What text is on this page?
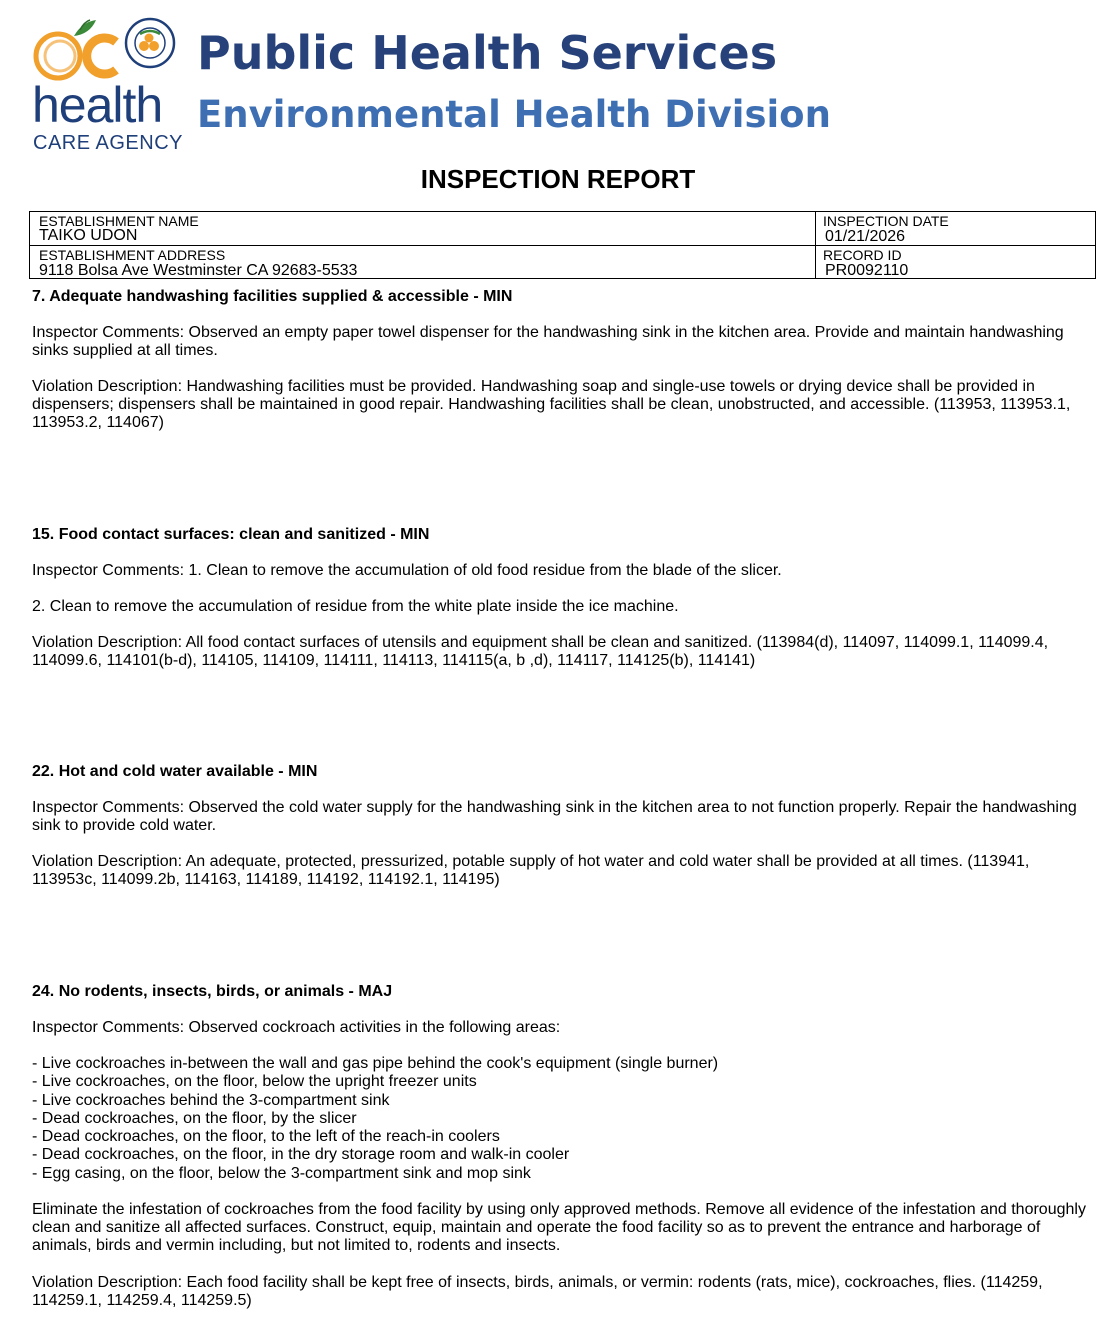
health
CARE AGENCY
Public Health Services
Environmental Health Division
INSPECTION REPORT
ESTABLISHMENT NAME
TAIKO UDON
ESTABLISHMENT ADDRESS
9118 Bolsa Ave Westminster CA 92683-5533
INSPECTION DATE
01/21/2026
RECORD ID
PR0092110

7. Adequate handwashing facilities supplied & accessible - MIN

Inspector Comments: Observed an empty paper towel dispenser for the handwashing sink in the kitchen area. Provide and maintain handwashing sinks supplied at all times.

Violation Description: Handwashing facilities must be provided. Handwashing soap and single-use towels or drying device shall be provided in dispensers; dispensers shall be maintained in good repair. Handwashing facilities shall be clean, unobstructed, and accessible. (113953, 113953.1, 113953.2, 114067)

15. Food contact surfaces: clean and sanitized - MIN

Inspector Comments: 1. Clean to remove the accumulation of old food residue from the blade of the slicer.

2. Clean to remove the accumulation of residue from the white plate inside the ice machine.

Violation Description: All food contact surfaces of utensils and equipment shall be clean and sanitized. (113984(d), 114097, 114099.1, 114099.4, 114099.6, 114101(b-d), 114105, 114109, 114111, 114113, 114115(a, b ,d), 114117, 114125(b), 114141)

22. Hot and cold water available - MIN

Inspector Comments: Observed the cold water supply for the handwashing sink in the kitchen area to not function properly. Repair the handwashing sink to provide cold water.

Violation Description: An adequate, protected, pressurized, potable supply of hot water and cold water shall be provided at all times. (113941, 113953c, 114099.2b, 114163, 114189, 114192, 114192.1, 114195)

24. No rodents, insects, birds, or animals - MAJ

Inspector Comments: Observed cockroach activities in the following areas:

- Live cockroaches in-between the wall and gas pipe behind the cook's equipment (single burner)
- Live cockroaches, on the floor, below the upright freezer units
- Live cockroaches behind the 3-compartment sink
- Dead cockroaches, on the floor, by the slicer
- Dead cockroaches, on the floor, to the left of the reach-in coolers
- Dead cockroaches, on the floor, in the dry storage room and walk-in cooler
- Egg casing, on the floor, below the 3-compartment sink and mop sink

Eliminate the infestation of cockroaches from the food facility by using only approved methods. Remove all evidence of the infestation and thoroughly clean and sanitize all affected surfaces. Construct, equip, maintain and operate the food facility so as to prevent the entrance and harborage of animals, birds and vermin including, but not limited to, rodents and insects.

Violation Description: Each food facility shall be kept free of insects, birds, animals, or vermin: rodents (rats, mice), cockroaches, flies. (114259, 114259.1, 114259.4, 114259.5)
